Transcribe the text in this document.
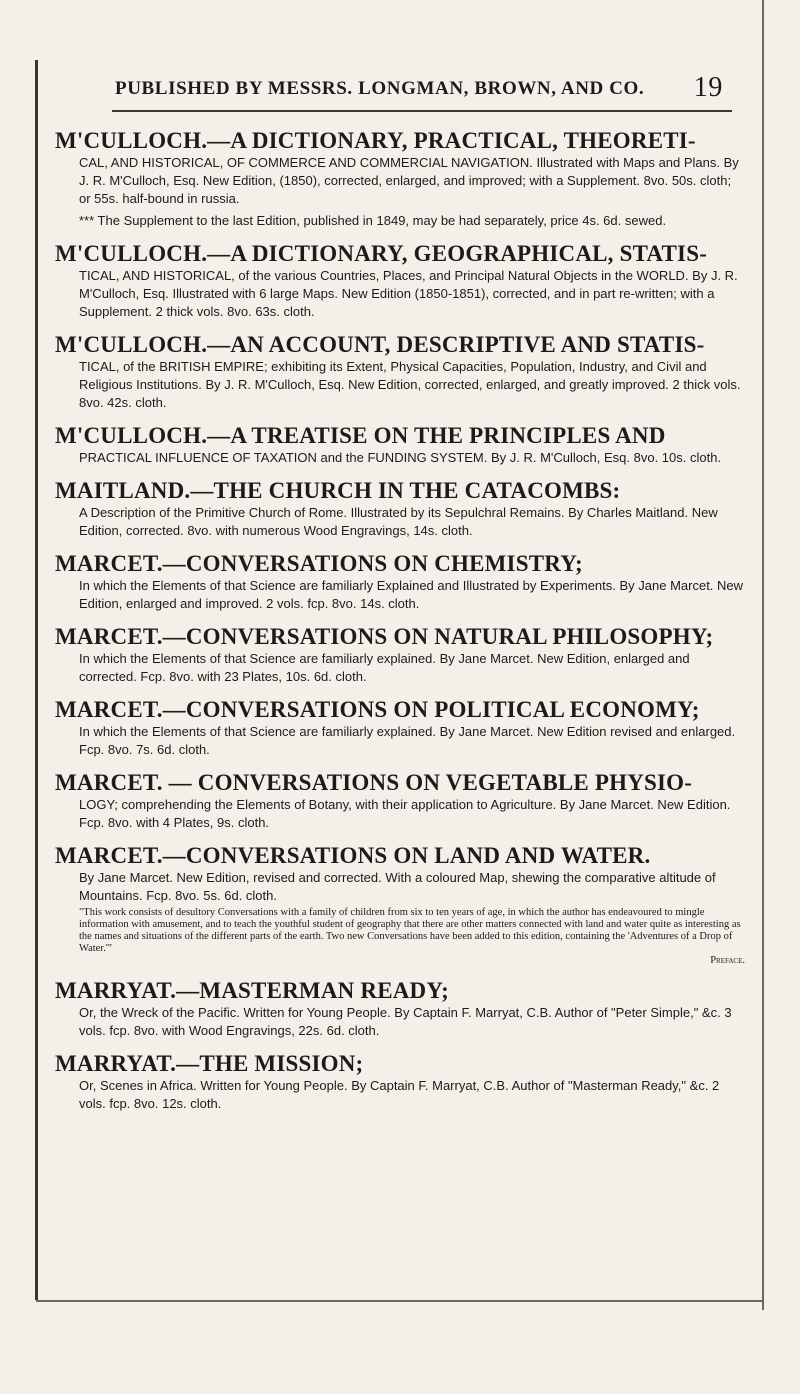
PUBLISHED BY MESSRS. LONGMAN, BROWN, AND CO. 19

M'CULLOCH.—A DICTIONARY, PRACTICAL, THEORETI-

CAL, AND HISTORICAL, OF COMMERCE AND COMMERCIAL NAVIGATION. Illustrated with Maps and Plans. By J. R. M'Culloch, Esq. New Edition, (1850), corrected, enlarged, and improved; with a Supplement. 8vo. 50s. cloth; or 55s. half-bound in russia.

*** The Supplement to the last Edition, published in 1849, may be had separately, price 4s. 6d. sewed.

M'CULLOCH.—A DICTIONARY, GEOGRAPHICAL, STATIS-

TICAL, AND HISTORICAL, of the various Countries, Places, and Principal Natural Objects in the WORLD. By J. R. M'Culloch, Esq. Illustrated with 6 large Maps. New Edition (1850-1851), corrected, and in part re-written; with a Supplement. 2 thick vols. 8vo. 63s. cloth.

M'CULLOCH.—AN ACCOUNT, DESCRIPTIVE AND STATIS-

TICAL, of the BRITISH EMPIRE; exhibiting its Extent, Physical Capacities, Population, Industry, and Civil and Religious Institutions. By J. R. M'Culloch, Esq. New Edition, corrected, enlarged, and greatly improved. 2 thick vols. 8vo. 42s. cloth.

M'CULLOCH.—A TREATISE ON THE PRINCIPLES AND

PRACTICAL INFLUENCE OF TAXATION and the FUNDING SYSTEM. By J. R. M'Culloch, Esq. 8vo. 10s. cloth.

MAITLAND.—THE CHURCH IN THE CATACOMBS:

A Description of the Primitive Church of Rome. Illustrated by its Sepulchral Remains. By Charles Maitland. New Edition, corrected. 8vo. with numerous Wood Engravings, 14s. cloth.

MARCET.—CONVERSATIONS ON CHEMISTRY;

In which the Elements of that Science are familiarly Explained and Illustrated by Experiments. By Jane Marcet. New Edition, enlarged and improved. 2 vols. fcp. 8vo. 14s. cloth.

MARCET.—CONVERSATIONS ON NATURAL PHILOSOPHY;

In which the Elements of that Science are familiarly explained. By Jane Marcet. New Edition, enlarged and corrected. Fcp. 8vo. with 23 Plates, 10s. 6d. cloth.

MARCET.—CONVERSATIONS ON POLITICAL ECONOMY;

In which the Elements of that Science are familiarly explained. By Jane Marcet. New Edition revised and enlarged. Fcp. 8vo. 7s. 6d. cloth.

MARCET. — CONVERSATIONS ON VEGETABLE PHYSIO-

LOGY; comprehending the Elements of Botany, with their application to Agriculture. By Jane Marcet. New Edition. Fcp. 8vo. with 4 Plates, 9s. cloth.

MARCET.—CONVERSATIONS ON LAND AND WATER.

By Jane Marcet. New Edition, revised and corrected. With a coloured Map, shewing the comparative altitude of Mountains. Fcp. 8vo. 5s. 6d. cloth.

"This work consists of desultory Conversations with a family of children from six to ten years of age, in which the author has endeavoured to mingle information with amusement, and to teach the youthful student of geography that there are other matters connected with land and water quite as interesting as the names and situations of the different parts of the earth. Two new Conversations have been added to this edition, containing the 'Adventures of a Drop of Water.'"
Preface.

MARRYAT.—MASTERMAN READY;

Or, the Wreck of the Pacific. Written for Young People. By Captain F. Marryat, C.B. Author of "Peter Simple," &c. 3 vols. fcp. 8vo. with Wood Engravings, 22s. 6d. cloth.

MARRYAT.—THE MISSION;

Or, Scenes in Africa. Written for Young People. By Captain F. Marryat, C.B. Author of "Masterman Ready," &c. 2 vols. fcp. 8vo. 12s. cloth.
